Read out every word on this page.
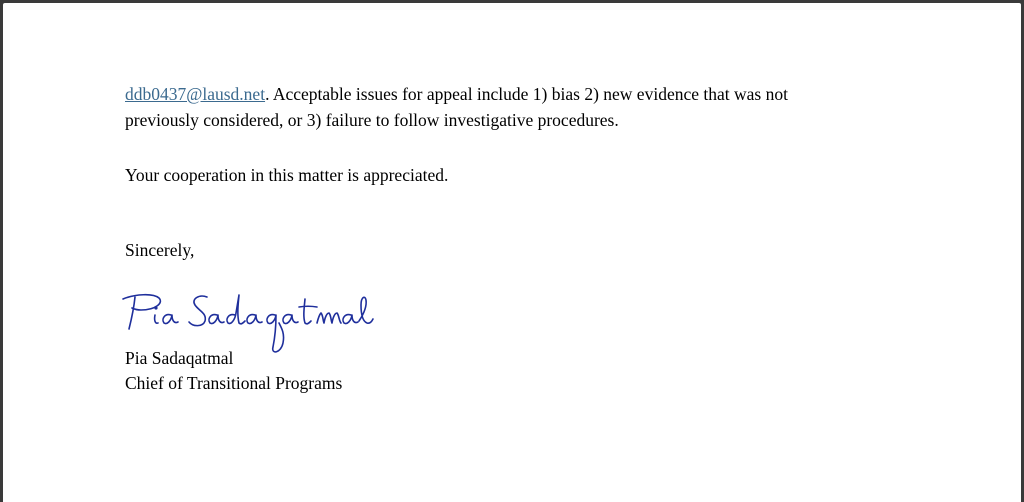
ddb0437@lausd.net. Acceptable issues for appeal include 1) bias 2) new evidence that was not
previously considered, or 3) failure to follow investigative procedures.
Your cooperation in this matter is appreciated.
Sincerely,
Pia Sadaqatmal
Chief of Transitional Programs
